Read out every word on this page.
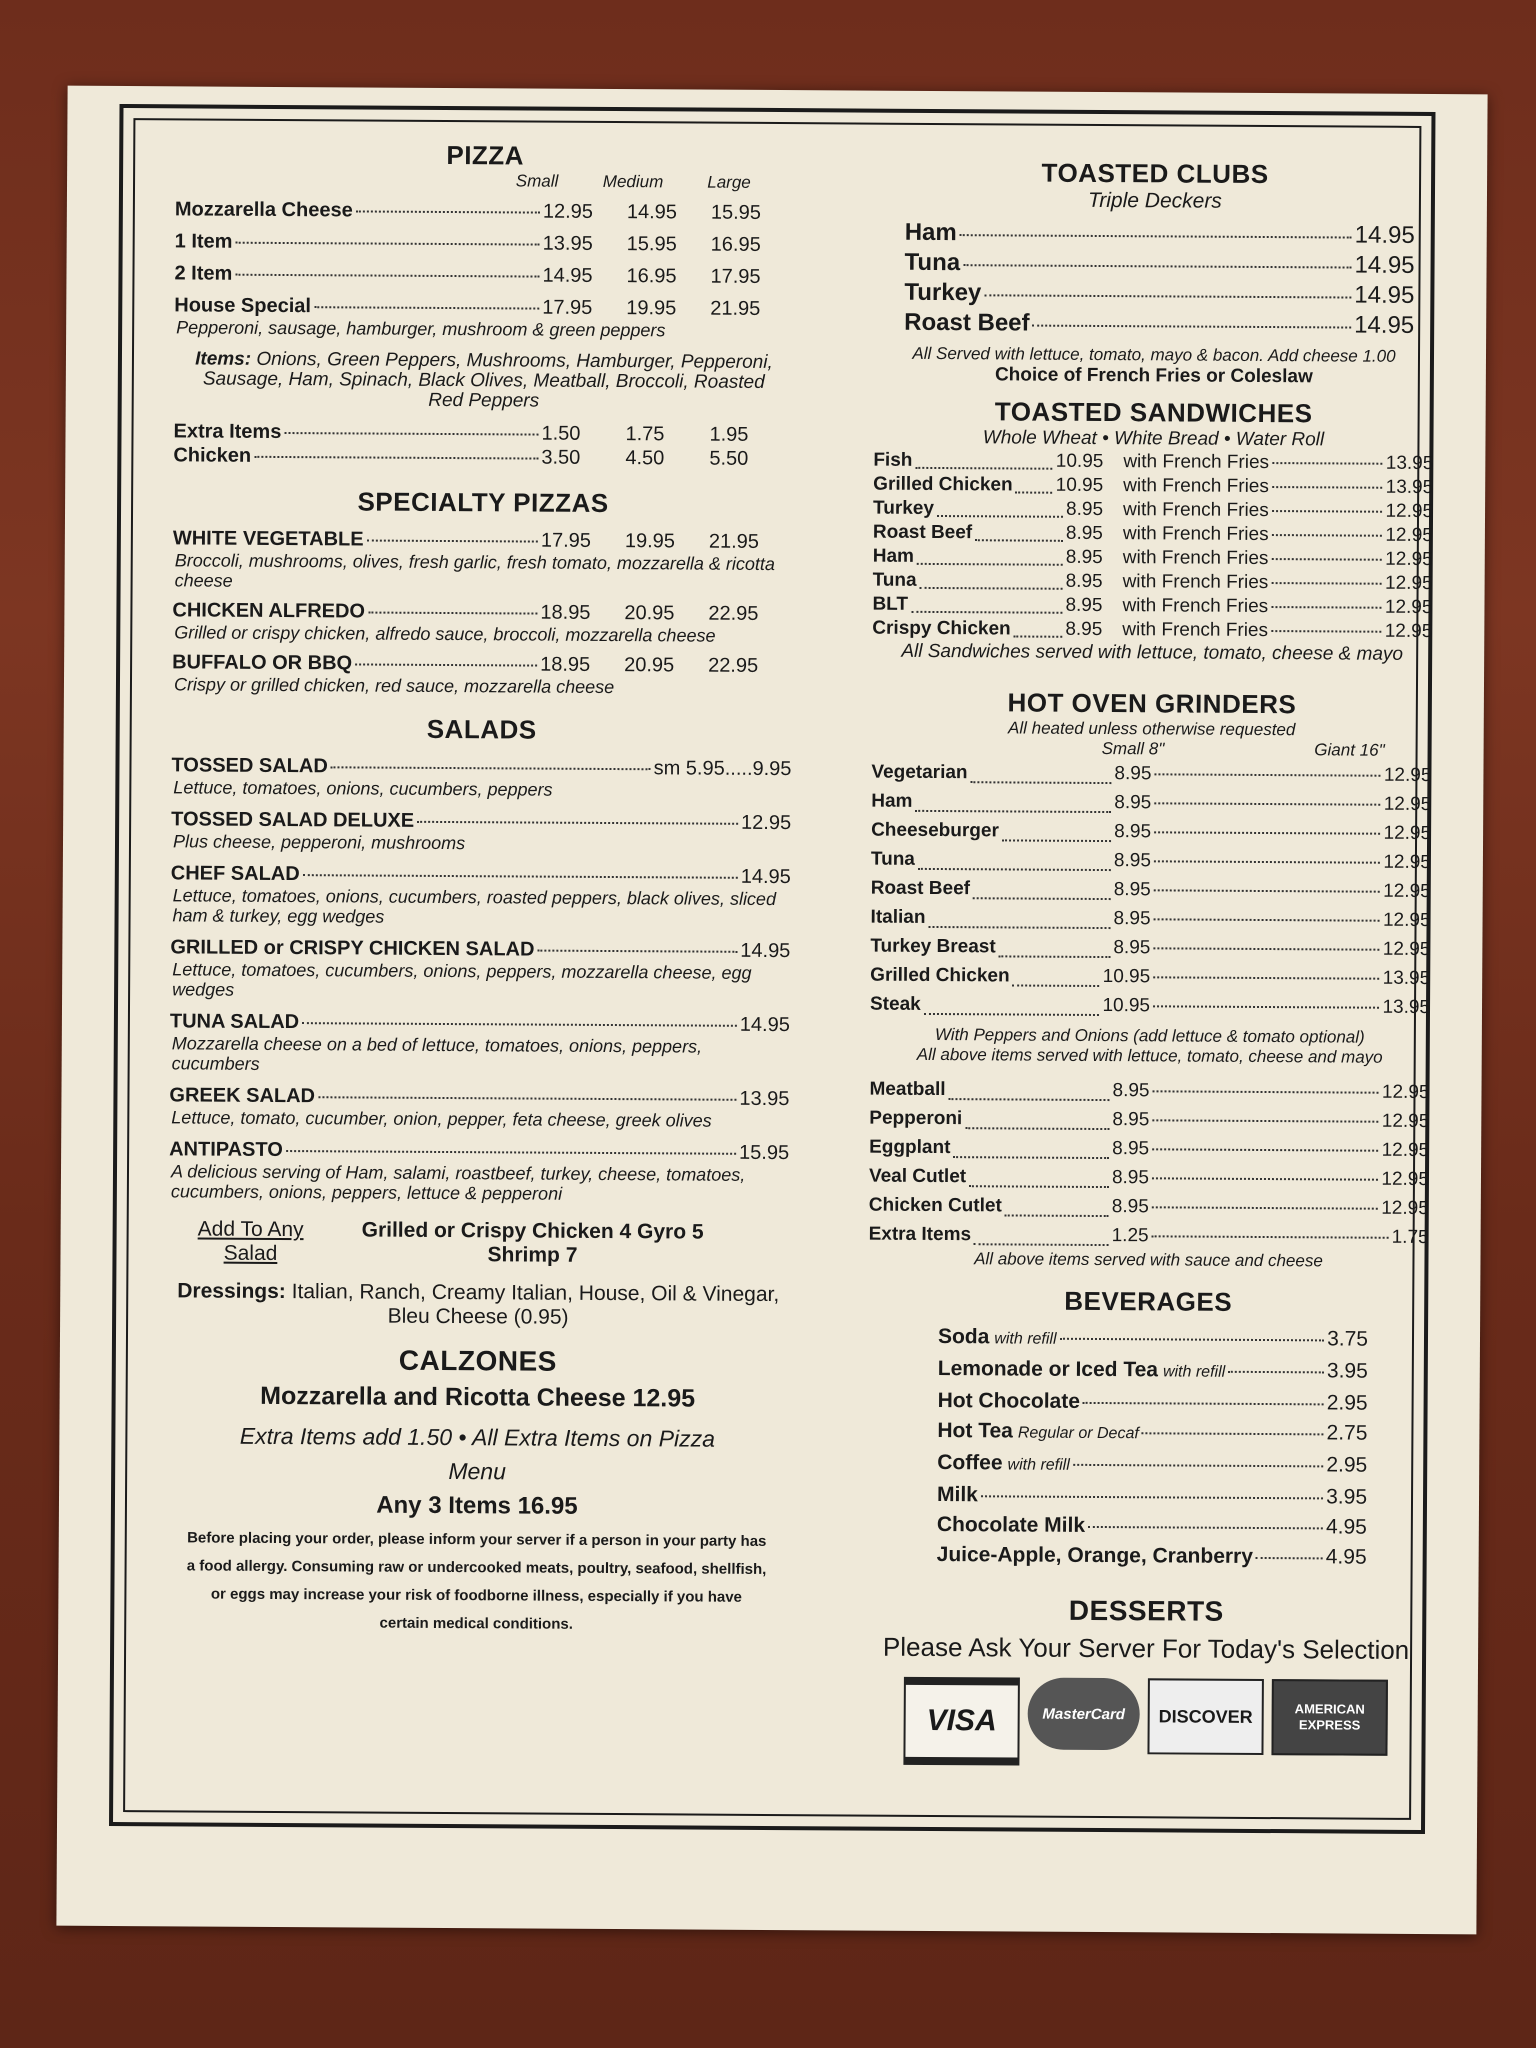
PIZZA
Small	Medium	Large
Mozzarella Cheese	12.95	14.95	15.95
1 Item	13.95	15.95	16.95
2 Item	14.95	16.95	17.95
House Special	17.95	19.95	21.95
Pepperoni, sausage, hamburger, mushroom & green peppers
Items: Onions, Green Peppers, Mushrooms, Hamburger, Pepperoni, Sausage, Ham, Spinach, Black Olives, Meatball, Broccoli, Roasted Red Peppers
Extra Items	1.50	1.75	1.95
Chicken	3.50	4.50	5.50
SPECIALTY PIZZAS
WHITE VEGETABLE	17.95	19.95	21.95
Broccoli, mushrooms, olives, fresh garlic, fresh tomato, mozzarella & ricotta cheese
CHICKEN ALFREDO	18.95	20.95	22.95
Grilled or crispy chicken, alfredo sauce, broccoli, mozzarella cheese
BUFFALO OR BBQ	18.95	20.95	22.95
Crispy or grilled chicken, red sauce, mozzarella cheese
SALADS
TOSSED SALAD	sm 5.95.....9.95
Lettuce, tomatoes, onions, cucumbers, peppers
TOSSED SALAD DELUXE	12.95
Plus cheese, pepperoni, mushrooms
CHEF SALAD	14.95
Lettuce, tomatoes, onions, cucumbers, roasted peppers, black olives, sliced ham & turkey, egg wedges
GRILLED or CRISPY CHICKEN SALAD	14.95
Lettuce, tomatoes, cucumbers, onions, peppers, mozzarella cheese, egg wedges
TUNA SALAD	14.95
Mozzarella cheese on a bed of lettuce, tomatoes, onions, peppers, cucumbers
GREEK SALAD	13.95
Lettuce, tomato, cucumber, onion, pepper, feta cheese, greek olives
ANTIPASTO	15.95
A delicious serving of Ham, salami, roastbeef, turkey, cheese, tomatoes, cucumbers, onions, peppers, lettuce & pepperoni
Add To Any Salad
Grilled or Crispy Chicken 4 Gyro 5 Shrimp 7
Dressings: Italian, Ranch, Creamy Italian, House, Oil & Vinegar, Bleu Cheese (0.95)
CALZONES
Mozzarella and Ricotta Cheese 12.95
Extra Items add 1.50 • All Extra Items on Pizza Menu
Any 3 Items 16.95
Before placing your order, please inform your server if a person in your party has a food allergy. Consuming raw or undercooked meats, poultry, seafood, shellfish, or eggs may increase your risk of foodborne illness, especially if you have certain medical conditions.
TOASTED CLUBS
Triple Deckers
Ham	14.95
Tuna	14.95
Turkey	14.95
Roast Beef	14.95
All Served with lettuce, tomato, mayo & bacon. Add cheese 1.00
Choice of French Fries or Coleslaw
TOASTED SANDWICHES
Whole Wheat • White Bread • Water Roll
Fish	10.95 with French Fries	13.95
Grilled Chicken 10.95 with French Fries	13.95
Turkey	8.95 with French Fries	12.95
Roast Beef	8.95 with French Fries	12.95
Ham	8.95 with French Fries	12.95
Tuna	8.95 with French Fries	12.95
BLT	8.95 with French Fries	12.95
Crispy Chicken	8.95 with French Fries	12.95
All Sandwiches served with lettuce, tomato, cheese & mayo
HOT OVEN GRINDERS
All heated unless otherwise requested
Small 8"	Giant 16"
Vegetarian	8.95	12.95
Ham	8.95	12.95
Cheeseburger	8.95	12.95
Tuna	8.95	12.95
Roast Beef	8.95	12.95
Italian	8.95	12.95
Turkey Breast	8.95	12.95
Grilled Chicken	10.95	13.95
Steak	10.95	13.95
With Peppers and Onions (add lettuce & tomato optional)
All above items served with lettuce, tomato, cheese and mayo
Meatball	8.95	12.95
Pepperoni	8.95	12.95
Eggplant	8.95	12.95
Veal Cutlet	8.95	12.95
Chicken Cutlet	8.95	12.95
Extra Items	1.25	1.75
All above items served with sauce and cheese
BEVERAGES
Soda with refill	3.75
Lemonade or Iced Tea with refill	3.95
Hot Chocolate	2.95
Hot Tea Regular or Decaf	2.75
Coffee with refill	2.95
Milk	3.95
Chocolate Milk	4.95
Juice-Apple, Orange, Cranberry	4.95
DESSERTS
Please Ask Your Server For Today's Selection
VISA	MasterCard	DISCOVER	AMERICAN EXPRESS
